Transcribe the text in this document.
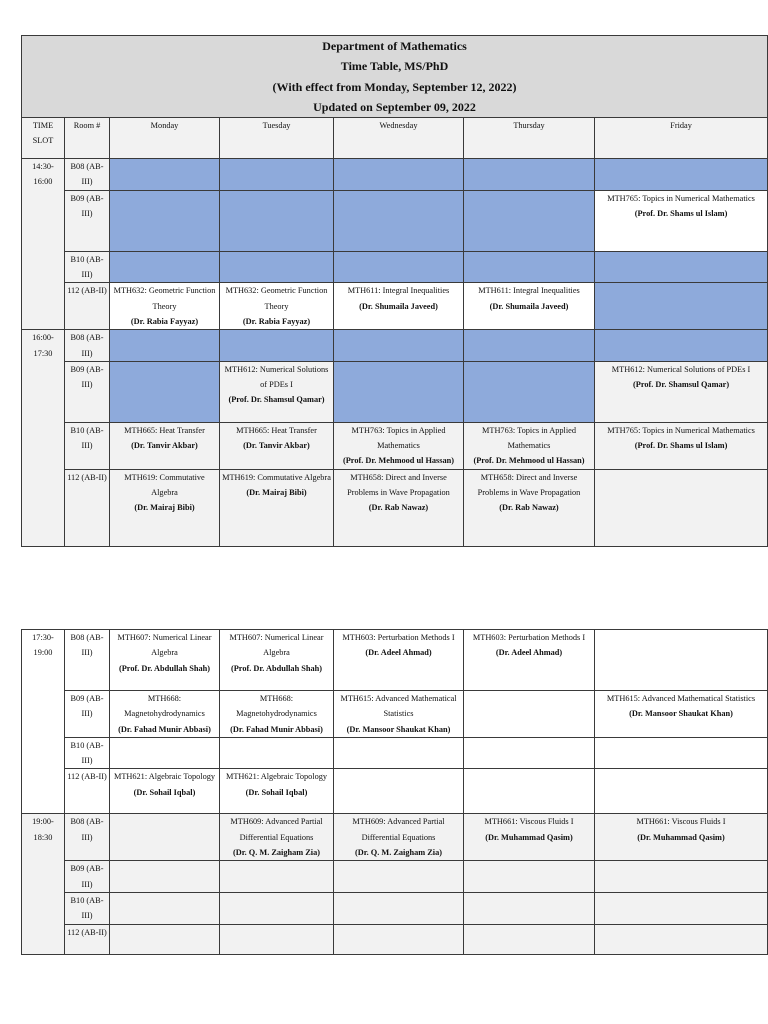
Department of Mathematics
Time Table, MS/PhD
(With effect from Monday, September 12, 2022)
Updated on September 09, 2022						

TIME SLOT	Room #	Monday	Tuesday	Wednesday	Thursday	Friday
14:30-16:00	B08 (AB-III)					
	B09 (AB-III)					MTH765: Topics in Numerical Mathematics
(Prof. Dr. Shams ul Islam)

	B10 (AB-III)					
	112 (AB-II)	MTH632: Geometric Function Theory
(Dr. Rabia Fayyaz)	MTH632: Geometric Function Theory
(Dr. Rabia Fayyaz)	MTH611: Integral Inequalities
(Dr. Shumaila Javeed)	MTH611: Integral Inequalities
(Dr. Shumaila Javeed)	

16:00-17:30	B08 (AB-III)					
	B09 (AB-III)		MTH612: Numerical Solutions of PDEs I
(Prof. Dr. Shamsul Qamar)			MTH612: Numerical Solutions of PDEs I
(Prof. Dr. Shamsul Qamar)

	B10 (AB-III)	MTH665: Heat Transfer
(Dr. Tanvir Akbar)	MTH665: Heat Transfer
(Dr. Tanvir Akbar)	MTH763: Topics in Applied Mathematics
(Prof. Dr. Mehmood ul Hassan)	MTH763: Topics in Applied Mathematics
(Prof. Dr. Mehmood ul Hassan)	MTH765: Topics in Numerical Mathematics
(Prof. Dr. Shams ul Islam)

	112 (AB-II)	MTH619: Commutative Algebra
(Dr. Mairaj Bibi)	MTH619: Commutative Algebra
(Dr. Mairaj Bibi)	MTH658: Direct and Inverse Problems in Wave Propagation
(Dr. Rab Nawaz)	MTH658: Direct and Inverse Problems in Wave Propagation
(Dr. Rab Nawaz)	

17:30-19:00	B08 (AB-III)	MTH607: Numerical Linear Algebra
(Prof. Dr. Abdullah Shah)	MTH607: Numerical Linear Algebra
(Prof. Dr. Abdullah Shah)	MTH603: Perturbation Methods I
(Dr. Adeel Ahmad)	MTH603: Perturbation Methods I
(Dr. Adeel Ahmad)	

	B09 (AB-III)	MTH668: Magnetohydrodynamics
(Dr. Fahad Munir Abbasi)	MTH668: Magnetohydrodynamics
(Dr. Fahad Munir Abbasi)	MTH615: Advanced Mathematical Statistics
(Dr. Mansoor Shaukat Khan)		MTH615: Advanced Mathematical Statistics
(Dr. Mansoor Shaukat Khan)

	B10 (AB-III)					
	112 (AB-II)	MTH621: Algebraic Topology
(Dr. Sohail Iqbal)	MTH621: Algebraic Topology
(Dr. Sohail Iqbal)			

19:00-18:30	B08 (AB-III)		MTH609: Advanced Partial Differential Equations
(Dr. Q. M. Zaigham Zia)	MTH609: Advanced Partial Differential Equations
(Dr. Q. M. Zaigham Zia)	MTH661: Viscous Fluids I
(Dr. Muhammad Qasim)	MTH661: Viscous Fluids I
(Dr. Muhammad Qasim)

	B09 (AB-III)					
	B10 (AB-III)					
	112 (AB-II)					
